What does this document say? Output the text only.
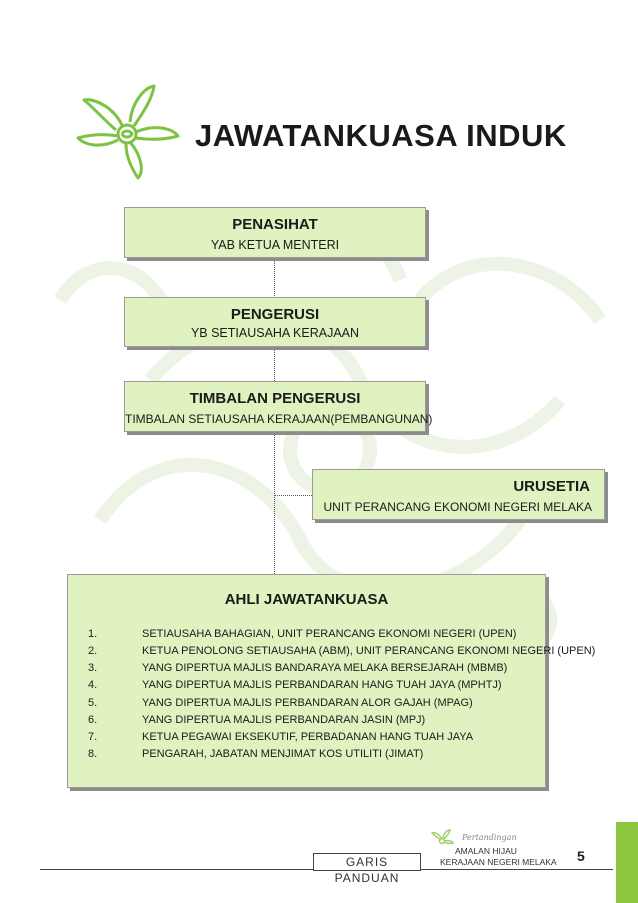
JAWATANKUASA INDUK
PENASIHAT
YAB KETUA MENTERI
PENGERUSI
YB SETIAUSAHA KERAJAAN
TIMBALAN PENGERUSI
TIMBALAN SETIAUSAHA KERAJAAN(PEMBANGUNAN)
URUSETIA
UNIT PERANCANG EKONOMI NEGERI MELAKA
AHLI JAWATANKUASA
1.	SETIAUSAHA BAHAGIAN, UNIT PERANCANG EKONOMI NEGERI (UPEN)
2.	KETUA PENOLONG SETIAUSAHA (ABM), UNIT PERANCANG EKONOMI NEGERI (UPEN)
3.	YANG DIPERTUA MAJLIS BANDARAYA MELAKA BERSEJARAH (MBMB)
4.	YANG DIPERTUA MAJLIS PERBANDARAN HANG TUAH JAYA (MPHTJ)
5.	YANG DIPERTUA MAJLIS PERBANDARAN ALOR GAJAH (MPAG)
6.	YANG DIPERTUA MAJLIS PERBANDARAN JASIN (MPJ)
7.	KETUA PEGAWAI EKSEKUTIF, PERBADANAN HANG TUAH JAYA
8.	PENGARAH, JABATAN MENJIMAT KOS UTILITI (JIMAT)
GARIS PANDUAN
Pertandingan
AMALAN HIJAU
KERAJAAN NEGERI MELAKA 5
